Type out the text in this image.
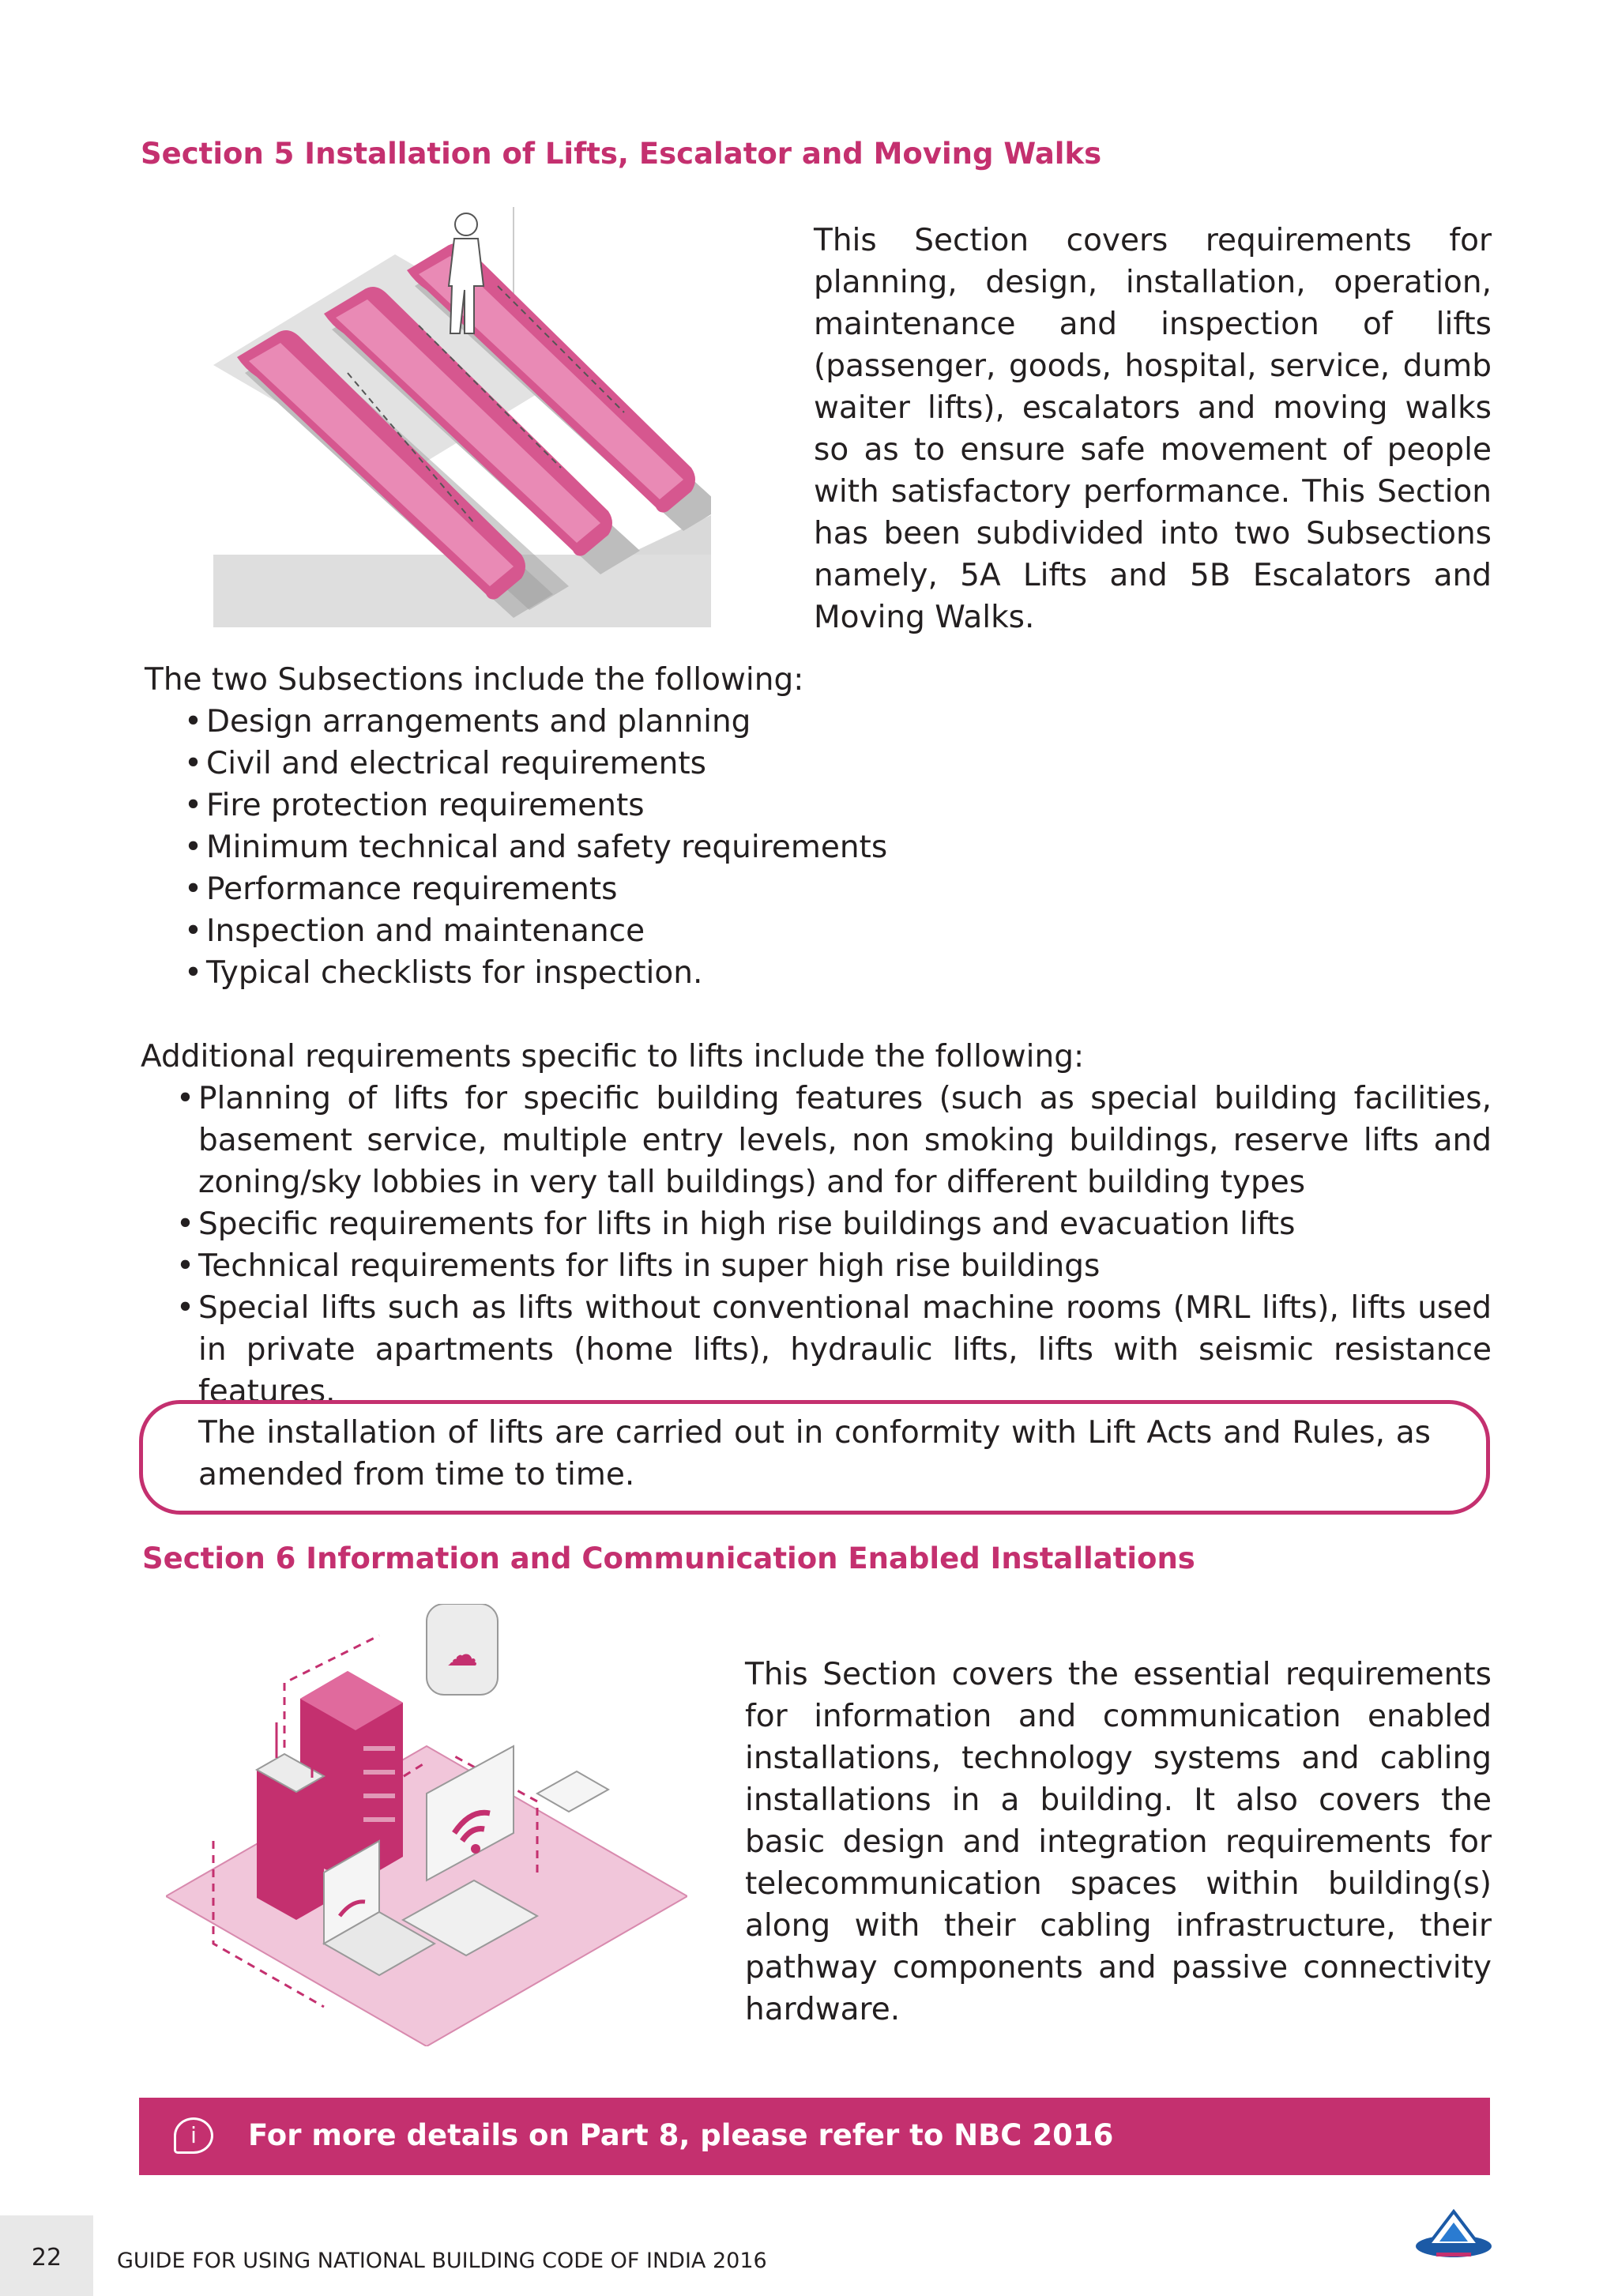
Section 5 Installation of Lifts, Escalator and Moving Walks

This Section covers requirements for planning, design, installation, operation, maintenance and inspection of lifts (passenger, goods, hospital, service, dumb waiter lifts), escalators and moving walks so as to ensure safe movement of people with satisfactory performance. This Section has been subdivided into two Subsections namely, 5A Lifts and 5B Escalators and Moving Walks.

The two Subsections include the following:

• Design arrangements and planning
• Civil and electrical requirements
• Fire protection requirements
• Minimum technical and safety requirements
• Performance requirements
• Inspection and maintenance
• Typical checklists for inspection.

Additional requirements specific to lifts include the following:

• Planning of lifts for specific building features (such as special building facilities, basement service, multiple entry levels, non smoking buildings, reserve lifts and zoning/sky lobbies in very tall buildings) and for different building types
• Specific requirements for lifts in high rise buildings and evacuation lifts
• Technical requirements for lifts in super high rise buildings
• Special lifts such as lifts without conventional machine rooms (MRL lifts), lifts used in private apartments (home lifts), hydraulic lifts, lifts with seismic resistance features.

The installation of lifts are carried out in conformity with Lift Acts and Rules, as amended from time to time.

Section 6 Information and Communication Enabled Installations
☁

This Section covers the essential requirements for information and communication enabled installations, technology systems and cabling installations in a building. It also covers the basic design and integration requirements for telecommunication spaces within building(s) along with their cabling infrastructure, their pathway components and passive connectivity hardware.

i	For more details on Part 8, please refer to NBC 2016
22	GUIDE FOR USING NATIONAL BUILDING CODE OF INDIA 2016
